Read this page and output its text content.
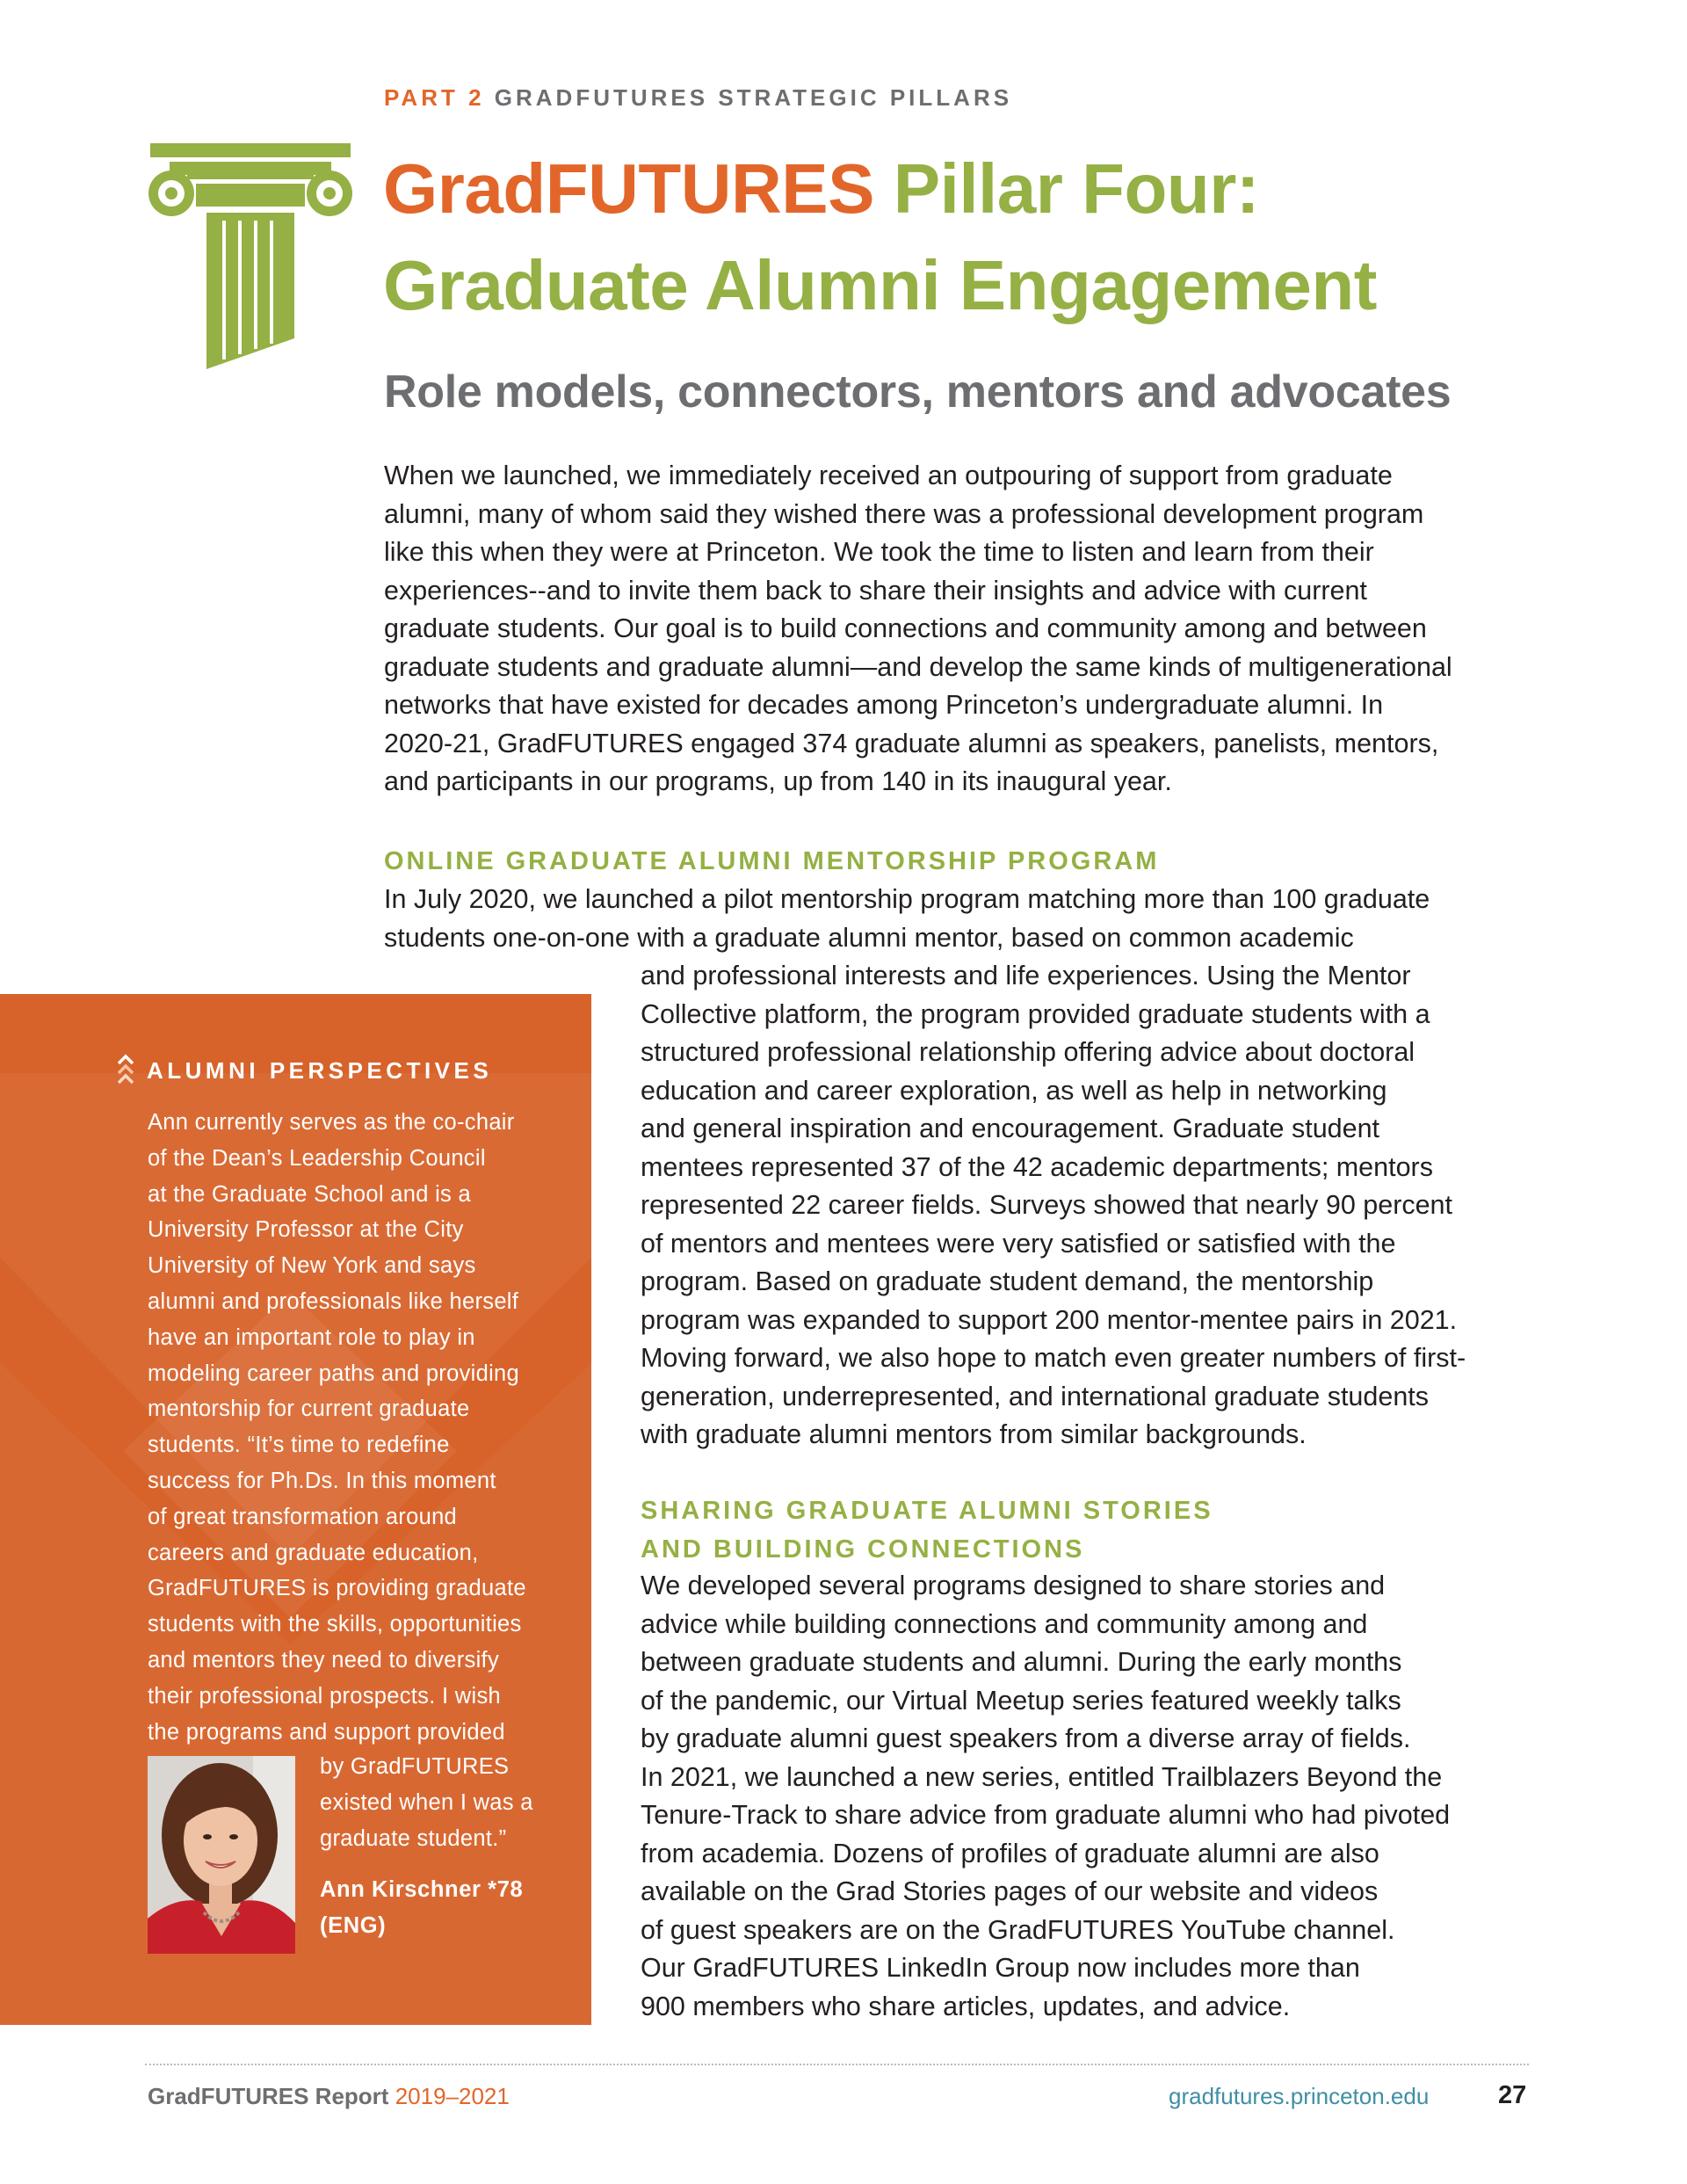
PART 2 GRADFUTURES STRATEGIC PILLARS
GradFUTURES Pillar Four:
Graduate Alumni Engagement
Role models, connectors, mentors and advocates
When we launched, we immediately received an outpouring of support from graduate
alumni, many of whom said they wished there was a professional development program
like this when they were at Princeton. We took the time to listen and learn from their
experiences--and to invite them back to share their insights and advice with current
graduate students. Our goal is to build connections and community among and between
graduate students and graduate alumni—and develop the same kinds of multigenerational
networks that have existed for decades among Princeton’s undergraduate alumni. In
2020-21, GradFUTURES engaged 374 graduate alumni as speakers, panelists, mentors,
and participants in our programs, up from 140 in its inaugural year.
ONLINE GRADUATE ALUMNI MENTORSHIP PROGRAM
In July 2020, we launched a pilot mentorship program matching more than 100 graduate
students one-on-one with a graduate alumni mentor, based on common academic
and professional interests and life experiences. Using the Mentor
Collective platform, the program provided graduate students with a
structured professional relationship offering advice about doctoral
education and career exploration, as well as help in networking
and general inspiration and encouragement. Graduate student
mentees represented 37 of the 42 academic departments; mentors
represented 22 career fields. Surveys showed that nearly 90 percent
of mentors and mentees were very satisfied or satisfied with the
program. Based on graduate student demand, the mentorship
program was expanded to support 200 mentor-mentee pairs in 2021.
Moving forward, we also hope to match even greater numbers of first-
generation, underrepresented, and international graduate students
with graduate alumni mentors from similar backgrounds.
SHARING GRADUATE ALUMNI STORIES
AND BUILDING CONNECTIONS
We developed several programs designed to share stories and
advice while building connections and community among and
between graduate students and alumni. During the early months
of the pandemic, our Virtual Meetup series featured weekly talks
by graduate alumni guest speakers from a diverse array of fields.
In 2021, we launched a new series, entitled Trailblazers Beyond the
Tenure-Track to share advice from graduate alumni who had pivoted
from academia. Dozens of profiles of graduate alumni are also
available on the Grad Stories pages of our website and videos
of guest speakers are on the GradFUTURES YouTube channel.
Our GradFUTURES LinkedIn Group now includes more than
900 members who share articles, updates, and advice.
ALUMNI PERSPECTIVES
Ann currently serves as the co-chair
of the Dean’s Leadership Council
at the Graduate School and is a
University Professor at the City
University of New York and says
alumni and professionals like herself
have an important role to play in
modeling career paths and providing
mentorship for current graduate
students. “It’s time to redefine
success for Ph.Ds. In this moment
of great transformation around
careers and graduate education,
GradFUTURES is providing graduate
students with the skills, opportunities
and mentors they need to diversify
their professional prospects. I wish
the programs and support provided
by GradFUTURES
existed when I was a
graduate student.”
Ann Kirschner *78
(ENG)
GradFUTURES Report 2019–2021	gradfutures.princeton.edu	27
